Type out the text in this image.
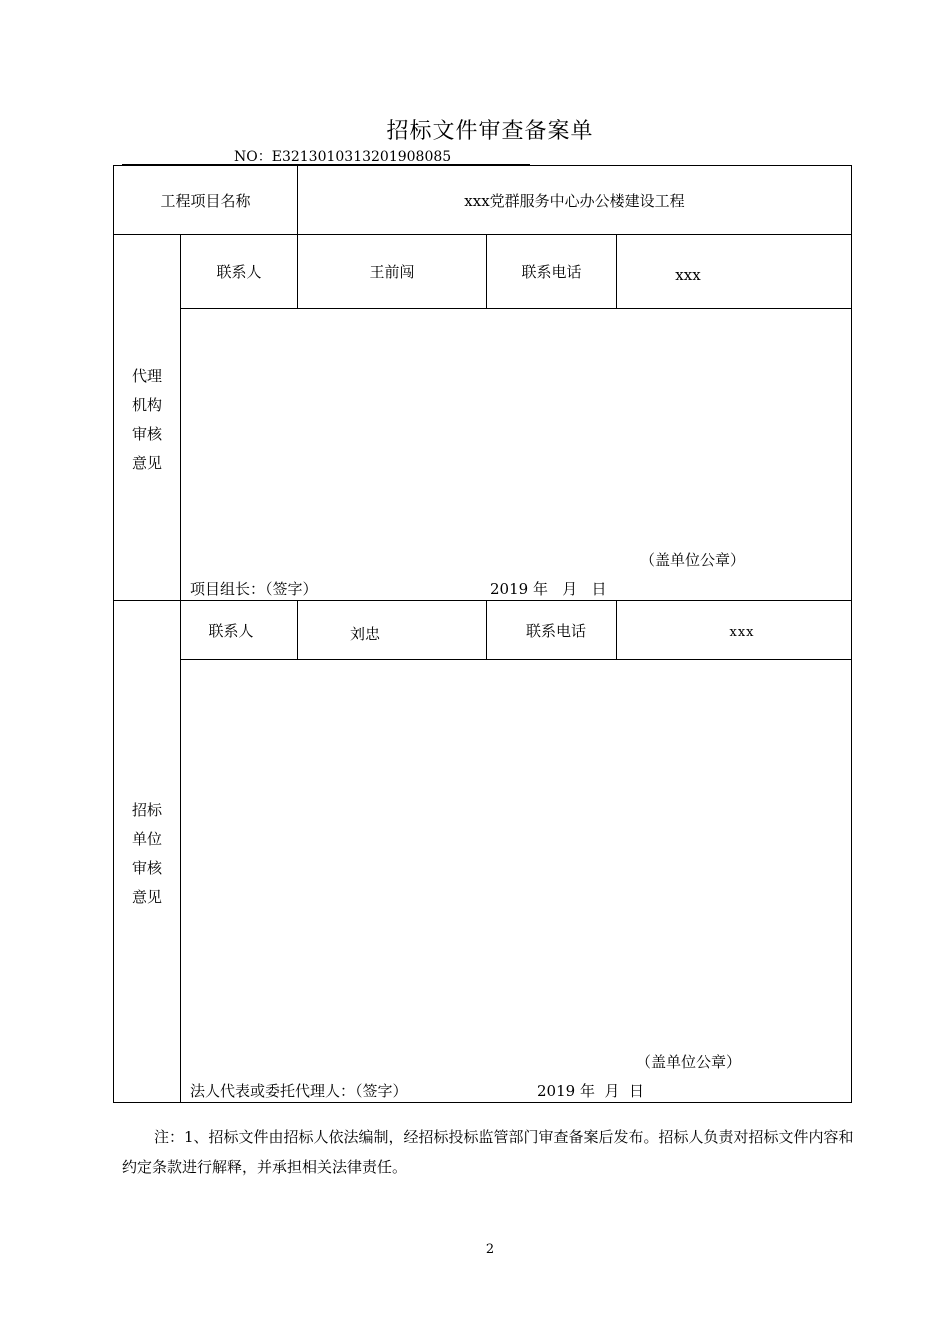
招标文件审查备案单
NO：E3213010313201908085
工程项目名称	xxx党群服务中心办公楼建设工程
联系人	王前闯	联系电话	xxx
代理
机构
审核
意见
（盖单位公章）
项目组长：（签字）	2019 年   月   日
联系人	刘忠	联系电话	xxx
招标
单位
审核
意见
（盖单位公章）
法人代表或委托代理人：（签字）	2019 年  月  日
注：1、招标文件由招标人依法编制，经招标投标监管部门审查备案后发布。招标人负责对招标文件内容和约定条款进行解释，并承担相关法律责任。
2
